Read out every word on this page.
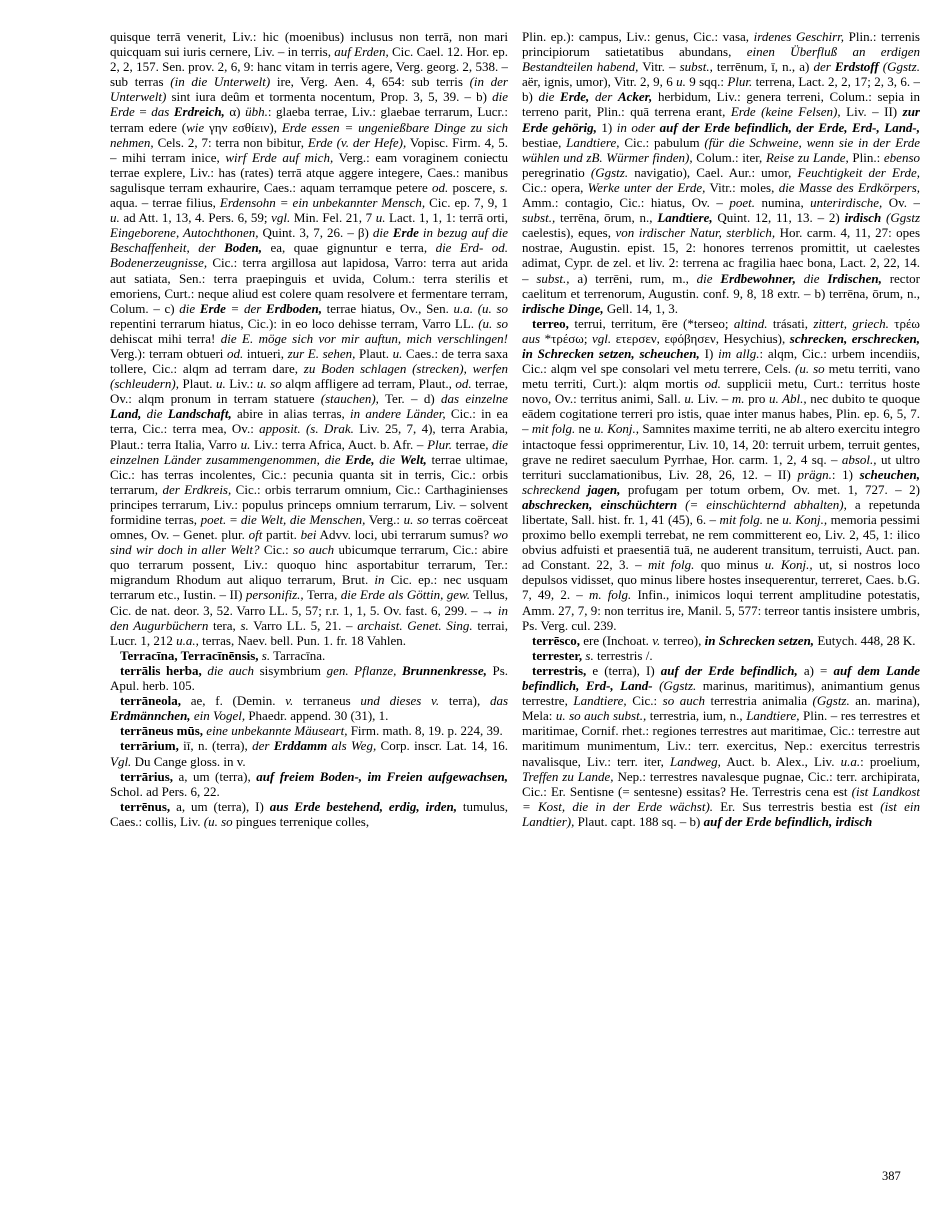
quisque terrā venerit, Liv.: hic (moenibus) inclusus non terrā, non mari quicquam sui iuris cernere, Liv. – in terris, auf Erden, Cic. Cael. 12. Hor. ep. 2, 2, 157. Sen. prov. 2, 6, 9: hanc vitam in terris agere, Verg. georg. 2, 538. – sub terras (in die Unterwelt) ire, Verg. Aen. 4, 654: sub terris (in der Unterwelt) sint iura deûm et tormenta nocentum, Prop. 3, 5, 39. – b) die Erde = das Erdreich, α) übh.: glaeba terrae, Liv.: glaebae terrarum, Lucr.: terram edere (wie γην εσθίειν), Erde essen = ungenießbare Dinge zu sich nehmen, Cels. 2, 7: terra non bibitur, Erde (v. der Hefe), Vopisc. Firm. 4, 5. – mihi terram inice, wirf Erde auf mich, Verg.: eam voraginem coniectu terrae explere, Liv.: has (rates) terrā atque aggere integere, Caes.: manibus sagulisque terram exhaurire, Caes.: aquam terramque petere od. poscere, s. aqua. – terrae filius, Erdensohn = ein unbekannter Mensch, Cic. ep. 7, 9, 1 u. ad Att. 1, 13, 4. Pers. 6, 59; vgl. Min. Fel. 21, 7 u. Lact. 1, 1, 1: terrā orti, Eingeborene, Autochthonen, Quint. 3, 7, 26. – β) die Erde in bezug auf die Beschaffenheit, der Boden, ea, quae gignuntur e terra, die Erd- od. Bodenerzeugnisse, Cic.: terra argillosa aut lapidosa, Varro: terra aut arida aut satiata, Sen.: terra praepinguis et uvida, Colum.: terra sterilis et emoriens, Curt.: neque aliud est colere quam resolvere et fermentare terram, Colum. – c) die Erde = der Erdboden, terrae hiatus, Ov., Sen. u.a. (u. so repentini terrarum hiatus, Cic.): in eo loco dehisse terram, Varro LL. (u. so dehiscat mihi terra! die E. möge sich vor mir auftun, mich verschlingen! Verg.): terram obtueri od. intueri, zur E. sehen, Plaut. u. Caes.: de terra saxa tollere, Cic.: alqm ad terram dare, zu Boden schlagen (strecken), werfen (schleudern), Plaut. u. Liv.: u. so alqm affligere ad terram, Plaut., od. terrae, Ov.: alqm pronum in terram statuere (stauchen), Ter. – d) das einzelne Land, die Landschaft, abire in alias terras, in andere Länder, Cic.: in ea terra, Cic.: terra mea, Ov.: apposit. (s. Drak. Liv. 25, 7, 4), terra Arabia, Plaut.: terra Italia, Varro u. Liv.: terra Africa, Auct. b. Afr. – Plur. terrae, die einzelnen Länder zusammengenommen, die Erde, die Welt, terrae ultimae, Cic.: has terras incolentes, Cic.: pecunia quanta sit in terris, Cic.: orbis terrarum, der Erdkreis, Cic.: orbis terrarum omnium, Cic.: Carthaginienses principes terrarum, Liv.: populus princeps omnium terrarum, Liv. – solvent formidine terras, poet. = die Welt, die Menschen, Verg.: u. so terras coërceat omnes, Ov. – Genet. plur. oft partit. bei Advv. loci, ubi terrarum sumus? wo sind wir doch in aller Welt? Cic.: so auch ubicumque terrarum, Cic.: abire quo terrarum possent, Liv.: quoquo hinc asportabitur terrarum, Ter.: migrandum Rhodum aut aliquo terrarum, Brut. in Cic. ep.: nec usquam terrarum etc., Iustin. – II) personifiz., Terra, die Erde als Göttin, gew. Tellus, Cic. de nat. deor. 3, 52. Varro LL. 5, 57; r.r. 1, 1, 5. Ov. fast. 6, 299. – → in den Augurbüchern tera, s. Varro LL. 5, 21. – archaist. Genet. Sing. terrai, Lucr. 1, 212 u.a., terras, Naev. bell. Pun. 1. fr. 18 Vahlen.

Terracīna, Terracīnēnsis, s. Tarracīna.

terrālis herba, die auch sisymbrium gen. Pflanze, Brunnenkresse, Ps. Apul. herb. 105.

terrāneola, ae, f. (Demin. v. terraneus und dieses v. terra), das Erdmännchen, ein Vogel, Phaedr. append. 30 (31), 1.

terrāneus mūs, eine unbekannte Mäuseart, Firm. math. 8, 19. p. 224, 39.

terrārium, iī, n. (terra), der Erddamm als Weg, Corp. inscr. Lat. 14, 16. Vgl. Du Cange gloss. in v.

terrārius, a, um (terra), auf freiem Boden-, im Freien aufgewachsen, Schol. ad Pers. 6, 22.

terrēnus, a, um (terra), I) aus Erde bestehend, erdig, irden, tumulus, Caes.: collis, Liv. (u. so pingues terrenique colles,

Plin. ep.): campus, Liv.: genus, Cic.: vasa, irdenes Geschirr, Plin.: terrenis principiorum satietatibus abundans, einen Überfluß an erdigen Bestandteilen habend, Vitr. – subst., terrēnum, ī, n., a) der Erdstoff (Ggstz. aër, ignis, umor), Vitr. 2, 9, 6 u. 9 sqq.: Plur. terrena, Lact. 2, 2, 17; 2, 3, 6. – b) die Erde, der Acker, herbidum, Liv.: genera terreni, Colum.: sepia in terreno parit, Plin.: quā terrena erant, Erde (keine Felsen), Liv. – II) zur Erde gehörig, 1) in oder auf der Erde befindlich, der Erde, Erd-, Land-, bestiae, Landtiere, Cic.: pabulum (für die Schweine, wenn sie in der Erde wühlen und zB. Würmer finden), Colum.: iter, Reise zu Lande, Plin.: ebenso peregrinatio (Ggstz. navigatio), Cael. Aur.: umor, Feuchtigkeit der Erde, Cic.: opera, Werke unter der Erde, Vitr.: moles, die Masse des Erdkörpers, Amm.: contagio, Cic.: hiatus, Ov. – poet. numina, unterirdische, Ov. – subst., terrēna, ōrum, n., Landtiere, Quint. 12, 11, 13. – 2) irdisch (Ggstz caelestis), eques, von irdischer Natur, sterblich, Hor. carm. 4, 11, 27: opes nostrae, Augustin. epist. 15, 2: honores terrenos promittit, ut caelestes adimat, Cypr. de zel. et liv. 2: terrena ac fragilia haec bona, Lact. 2, 22, 14. – subst., a) terrēni, rum, m., die Erdbewohner, die Irdischen, rector caelitum et terrenorum, Augustin. conf. 9, 8, 18 extr. – b) terrēna, ōrum, n., irdische Dinge, Gell. 14, 1, 3.

terreo, terrui, territum, ēre (*terseo; altind. trásati, zittert, griech. τρέω aus *τρέσω; vgl. ετερσεν, εφόβησεν, Hesychius), schrecken, erschrecken, in Schrecken setzen, scheuchen, I) im allg.: alqm, Cic.: urbem incendiis, Cic.: alqm vel spe consolari vel metu terrere, Cels. (u. so metu territi, vano metu territi, Curt.): alqm mortis od. supplicii metu, Curt.: territus hoste novo, Ov.: territus animi, Sall. u. Liv. – m. pro u. Abl., nec dubito te quoque eādem cogitatione terreri pro istis, quae inter manus habes, Plin. ep. 6, 5, 7. – mit folg. ne u. Konj., Samnites maxime territi, ne ab altero exercitu integro intactoque fessi opprimerentur, Liv. 10, 14, 20: terruit urbem, terruit gentes, grave ne rediret saeculum Pyrrhae, Hor. carm. 1, 2, 4 sq. – absol., ut ultro territuri succlamationibus, Liv. 28, 26, 12. – II) prägn.: 1) scheuchen, schreckend jagen, profugam per totum orbem, Ov. met. 1, 727. – 2) abschrecken, einschüchtern (= einschüchternd abhalten), a repetunda libertate, Sall. hist. fr. 1, 41 (45), 6. – mit folg. ne u. Konj., memoria pessimi proximo bello exempli terrebat, ne rem committerent eo, Liv. 2, 45, 1: ilico obvius adfuisti et praesentiā tuā, ne auderent transitum, terruisti, Auct. pan. ad Constant. 22, 3. – mit folg. quo minus u. Konj., ut, si nostros loco depulsos vidisset, quo minus libere hostes insequerentur, terreret, Caes. b.G. 7, 49, 2. – m. folg. Infin., inimicos loqui terrent amplitudine potestatis, Amm. 27, 7, 9: non territus ire, Manil. 5, 577: terreor tantis insistere umbris, Ps. Verg. cul. 239.

terrēsco, ere (Inchoat. v. terreo), in Schrecken setzen, Eutych. 448, 28 K.

terrester, s. terrestris /.

terrestris, e (terra), I) auf der Erde befindlich, a) = auf dem Lande befindlich, Erd-, Land- (Ggstz. marinus, maritimus), animantium genus terrestre, Landtiere, Cic.: so auch terrestria animalia (Ggstz. an. marina), Mela: u. so auch subst., terrestria, ium, n., Landtiere, Plin. – res terrestres et maritimae, Cornif. rhet.: regiones terrestres aut maritimae, Cic.: terrestre aut maritimum munimentum, Liv.: terr. exercitus, Nep.: exercitus terrestris navalisque, Liv.: terr. iter, Landweg, Auct. b. Alex., Liv. u.a.: proelium, Treffen zu Lande, Nep.: terrestres navalesque pugnae, Cic.: terr. archipirata, Cic.: Er. Sentisne (= sentesne) essitas? He. Terrestris cena est (ist Landkost = Kost, die in der Erde wächst). Er. Sus terrestris bestia est (ist ein Landtier), Plaut. capt. 188 sq. – b) auf der Erde befindlich, irdisch

387
